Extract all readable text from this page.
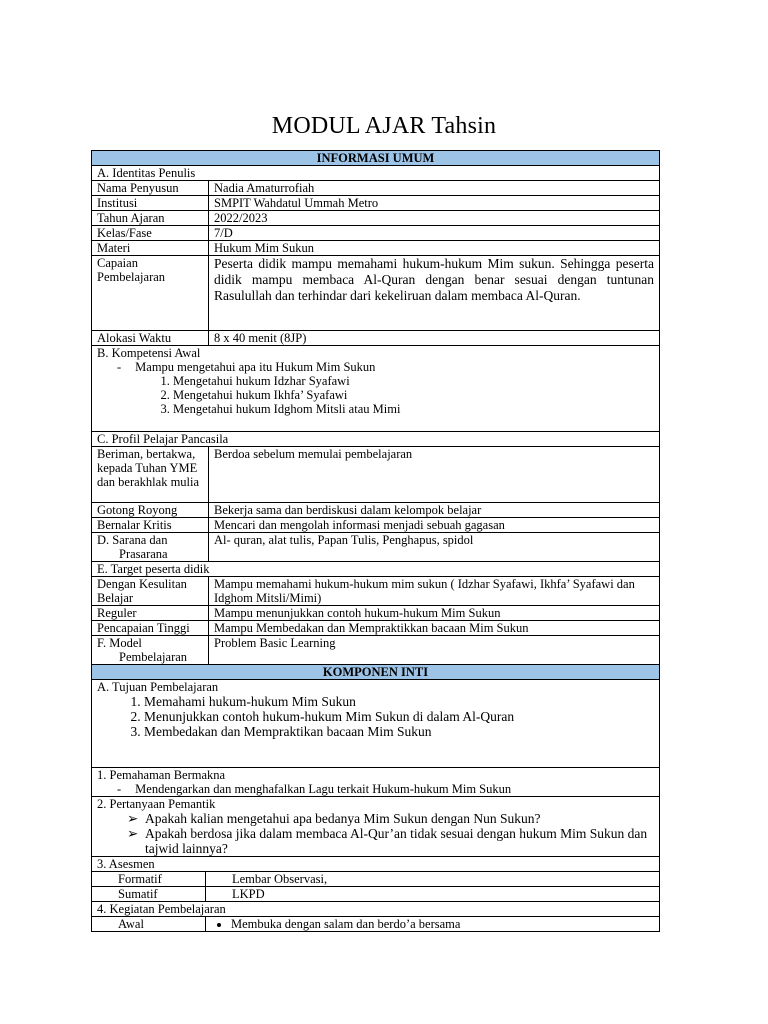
MODUL AJAR Tahsin
INFORMASI UMUM
A. Identitas Penulis
Nama Penyusun	Nadia Amaturrofiah
Institusi	SMPIT Wahdatul Ummah Metro
Tahun Ajaran	2022/2023
Kelas/Fase	7/D
Materi	Hukum Mim Sukun
Capaian Pembelajaran
Peserta didik mampu memahami hukum-hukum Mim sukun. Sehingga peserta didik mampu membaca Al-Quran dengan benar sesuai dengan tuntunan Rasulullah dan terhindar dari kekeliruan dalam membaca Al-Quran.
Alokasi Waktu	8 x 40 menit (8JP)
B. Kompetensi Awal
- Mampu mengetahui apa itu Hukum Mim Sukun
1. Mengetahui hukum Idzhar Syafawi
2. Mengetahui hukum Ikhfa’ Syafawi
3. Mengetahui hukum Idghom Mitsli atau Mimi
C. Profil Pelajar Pancasila
Beriman, bertakwa, kepada Tuhan YME dan berakhlak mulia
Berdoa sebelum memulai pembelajaran
Gotong Royong	Bekerja sama dan berdiskusi dalam kelompok belajar
Bernalar Kritis	Mencari dan mengolah informasi menjadi sebuah gagasan
D. Sarana dan
Prasarana
Al- quran, alat tulis, Papan Tulis, Penghapus, spidol
E. Target peserta didik
Dengan Kesulitan Belajar
Mampu memahami hukum-hukum mim sukun ( Idzhar Syafawi, Ikhfa’ Syafawi dan Idghom Mitsli/Mimi)
Reguler	Mampu menunjukkan contoh hukum-hukum Mim Sukun
Pencapaian Tinggi	Mampu Membedakan dan Mempraktikkan bacaan Mim Sukun
F. Model
Pembelajaran
Problem Basic Learning
KOMPONEN INTI
A. Tujuan Pembelajaran
1. Memahami hukum-hukum Mim Sukun
2. Menunjukkan contoh hukum-hukum Mim Sukun di dalam Al-Quran
3. Membedakan dan Mempraktikan bacaan Mim Sukun
1. Pemahaman Bermakna
- Mendengarkan dan menghafalkan Lagu terkait Hukum-hukum Mim Sukun
2. Pertanyaan Pemantik
➢ Apakah kalian mengetahui apa bedanya Mim Sukun dengan Nun Sukun?
➢ Apakah berdosa jika dalam membaca Al-Qur’an tidak sesuai dengan hukum Mim Sukun dan tajwid lainnya?
3. Asesmen
Formatif	Lembar Observasi,
Sumatif	LKPD
4. Kegiatan Pembelajaran
Awal
•	Membuka dengan salam dan berdo’a bersama
